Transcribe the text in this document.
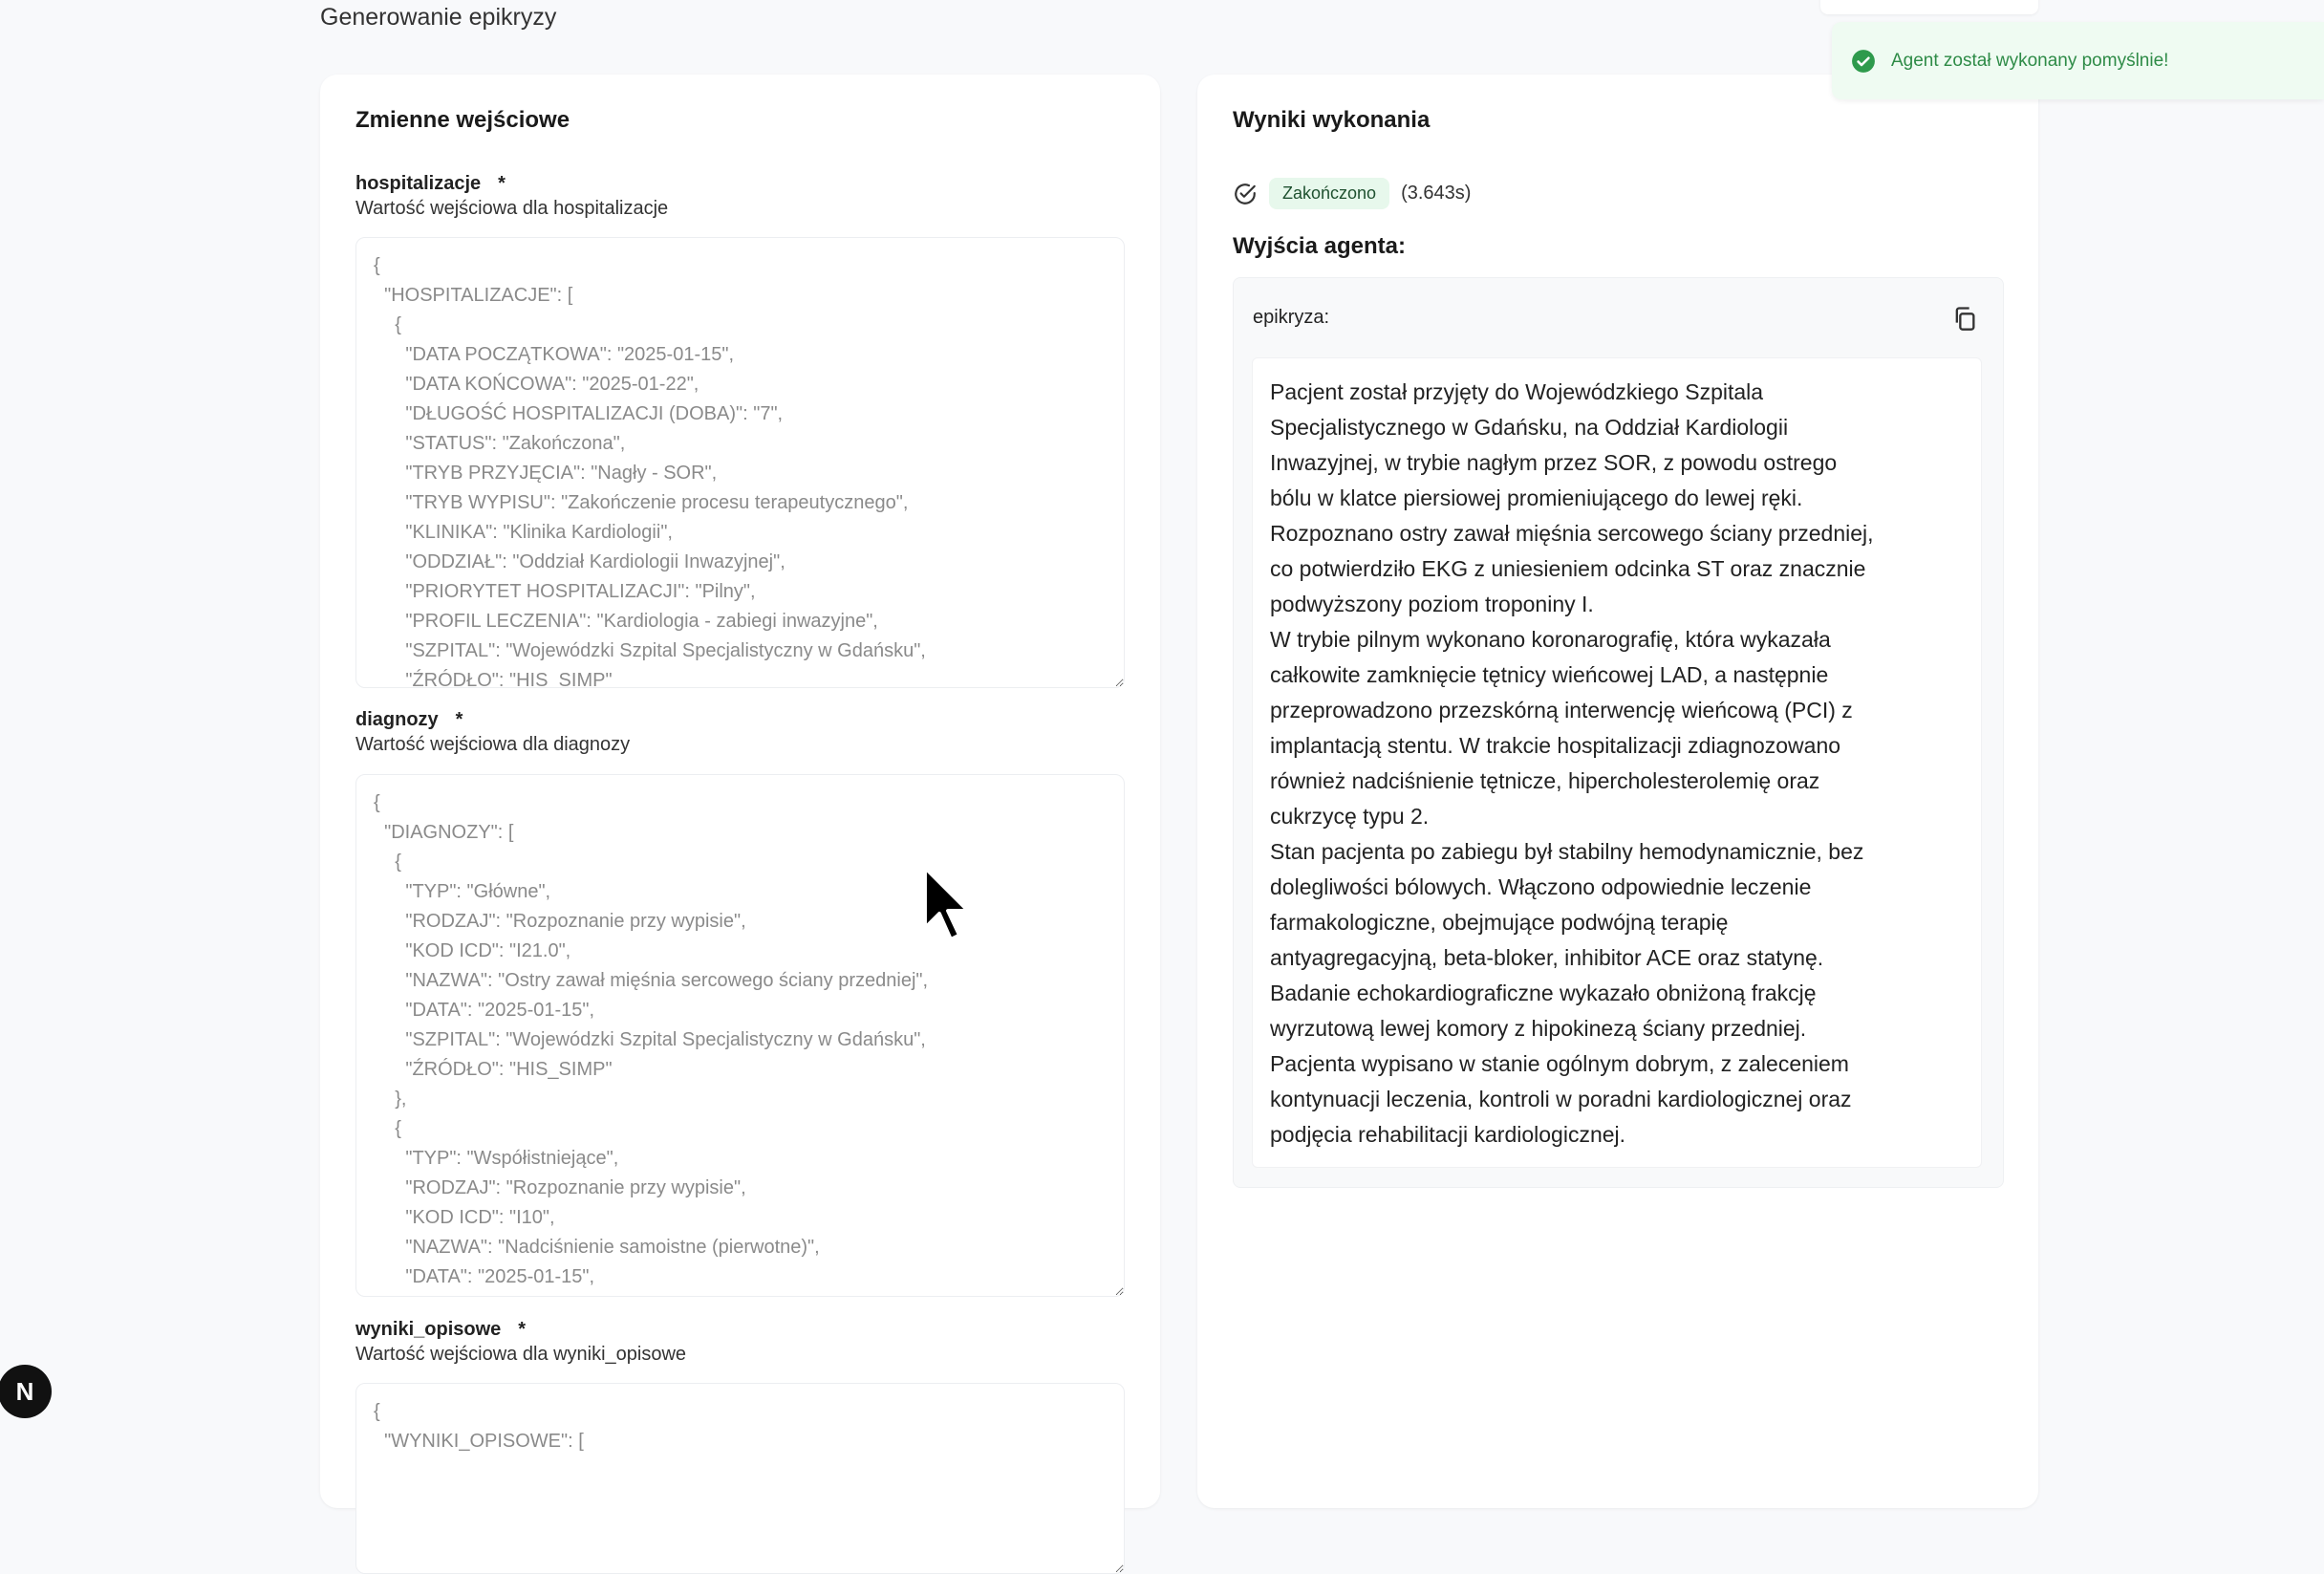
Generowanie epikryzy
Zmienne wejściowe
hospitalizacje *
Wartość wejściowa dla hospitalizacje
{ "HOSPITALIZACJE": [ { "DATA POCZĄTKOWA": "2025-01-15", "DATA KOŃCOWA": "2025-01-22", "DŁUGOŚĆ HOSPITALIZACJI (DOBA)": "7", "STATUS": "Zakończona", "TRYB PRZYJĘCIA": "Nagły - SOR", "TRYB WYPISU": "Zakończenie procesu terapeutycznego", "KLINIKA": "Klinika Kardiologii", "ODDZIAŁ": "Oddział Kardiologii Inwazyjnej", "PRIORYTET HOSPITALIZACJI": "Pilny", "PROFIL LECZENIA": "Kardiologia - zabiegi inwazyjne", "SZPITAL": "Wojewódzki Szpital Specjalistyczny w Gdańsku", "ŹRÓDŁO": "HIS_SIMP"
diagnozy *
Wartość wejściowa dla diagnozy
{ "DIAGNOZY": [ { "TYP": "Główne", "RODZAJ": "Rozpoznanie przy wypisie", "KOD ICD": "I21.0", "NAZWA": "Ostry zawał mięśnia sercowego ściany przedniej", "DATA": "2025-01-15", "SZPITAL": "Wojewódzki Szpital Specjalistyczny w Gdańsku", "ŹRÓDŁO": "HIS_SIMP" }, { "TYP": "Współistniejące", "RODZAJ": "Rozpoznanie przy wypisie", "KOD ICD": "I10", "NAZWA": "Nadciśnienie samoistne (pierwotne)", "DATA": "2025-01-15", "SZPITAL": "Wojewódzki Szpital Specjalistyczny w Gdańsku",
wyniki_opisowe *
Wartość wejściowa dla wyniki_opisowe
{ "WYNIKI_OPISOWE": [
Wyniki wykonania
Zakończono	(3.643s)
Wyjścia agenta:
epikryza:
Pacjent został przyjęty do Wojewódzkiego Szpitala
Specjalistycznego w Gdańsku, na Oddział Kardiologii
Inwazyjnej, w trybie nagłym przez SOR, z powodu ostrego
bólu w klatce piersiowej promieniującego do lewej ręki.
Rozpoznano ostry zawał mięśnia sercowego ściany przedniej,
co potwierdziło EKG z uniesieniem odcinka ST oraz znacznie
podwyższony poziom troponiny I.
W trybie pilnym wykonano koronarografię, która wykazała
całkowite zamknięcie tętnicy wieńcowej LAD, a następnie
przeprowadzono przezskórną interwencję wieńcową (PCI) z
implantacją stentu. W trakcie hospitalizacji zdiagnozowano
również nadciśnienie tętnicze, hipercholesterolemię oraz
cukrzycę typu 2.
Stan pacjenta po zabiegu był stabilny hemodynamicznie, bez
dolegliwości bólowych. Włączono odpowiednie leczenie
farmakologiczne, obejmujące podwójną terapię
antyagregacyjną, beta-bloker, inhibitor ACE oraz statynę.
Badanie echokardiograficzne wykazało obniżoną frakcję
wyrzutową lewej komory z hipokinezą ściany przedniej.
Pacjenta wypisano w stanie ogólnym dobrym, z zaleceniem
kontynuacji leczenia, kontroli w poradni kardiologicznej oraz
podjęcia rehabilitacji kardiologicznej.
Agent został wykonany pomyślnie!
N
